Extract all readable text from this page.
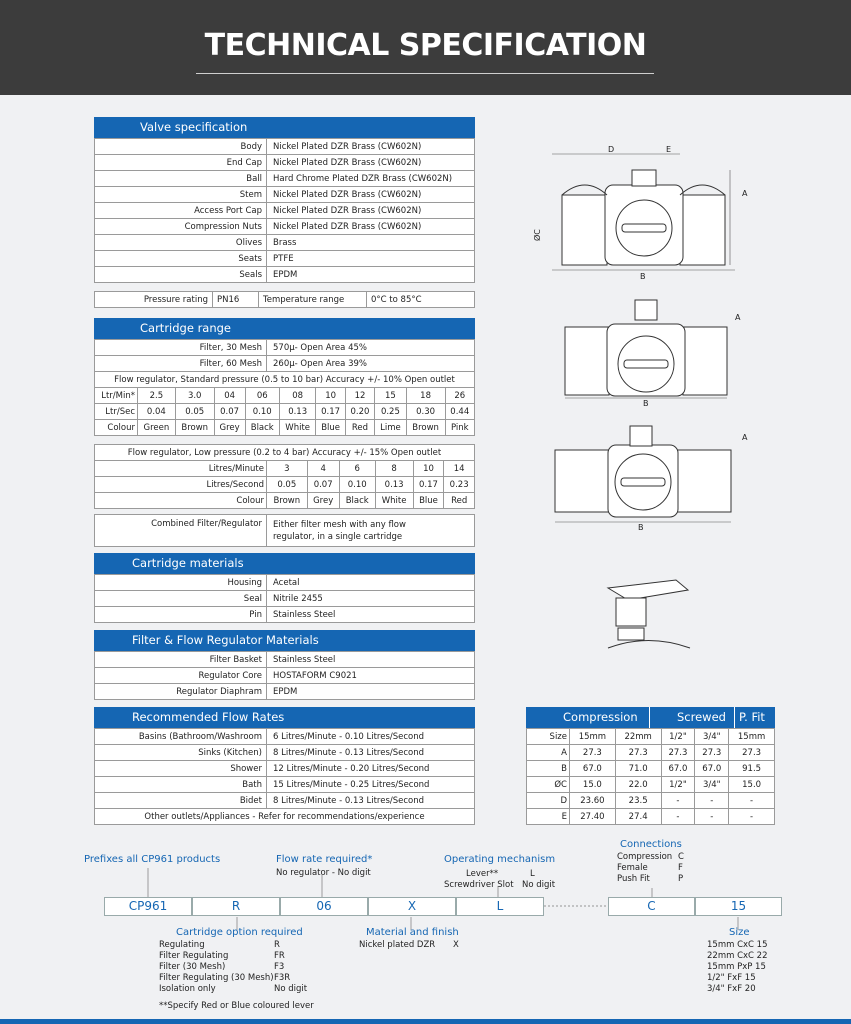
TECHNICAL SPECIFICATION
Valve specification
Body	Nickel Plated DZR Brass (CW602N)
End Cap	Nickel Plated DZR Brass (CW602N)
Ball	Hard Chrome Plated DZR Brass (CW602N)
Stem	Nickel Plated DZR Brass (CW602N)
Access Port Cap	Nickel Plated DZR Brass (CW602N)
Compression Nuts	Nickel Plated DZR Brass (CW602N)
Olives	Brass
Seats	PTFE
Seals	EPDM
Pressure rating	PN16	Temperature range	0°C to 85°C
Cartridge range
Filter, 30 Mesh	570μ- Open Area 45%
Filter, 60 Mesh	260μ- Open Area 39%
Flow regulator, Standard pressure (0.5 to 10 bar) Accuracy +/- 10% Open outlet
Ltr/Min*	2.5	3.0	04	06	08	10	12	15	18	26
Ltr/Sec	0.04	0.05	0.07	0.10	0.13	0.17	0.20	0.25	0.30	0.44
Colour	Green	Brown	Grey	Black	White	Blue	Red	Lime	Brown	Pink
Flow regulator, Low pressure (0.2 to 4 bar) Accuracy +/- 15% Open outlet
Litres/Minute	3	4	6	8	10	14
Litres/Second	0.05	0.07	0.10	0.13	0.17	0.23
Colour	Brown	Grey	Black	White	Blue	Red
Combined Filter/Regulator	Either filter mesh with any flow
regulator, in a single cartridge
Cartridge materials
Housing	Acetal
Seal	Nitrile 2455
Pin	Stainless Steel
Filter & Flow Regulator Materials
Filter Basket	Stainless Steel
Regulator Core	HOSTAFORM C9021
Regulator Diaphram	EPDM
Recommended Flow Rates
Basins (Bathroom/Washroom	6 Litres/Minute - 0.10 Litres/Second
Sinks (Kitchen)	8 Litres/Minute - 0.13 Litres/Second
Shower	12 Litres/Minute - 0.20 Litres/Second
Bath	15 Litres/Minute - 0.25 Litres/Second
Bidet	8 Litres/Minute - 0.13 Litres/Second
Other outlets/Appliances - Refer for recommendations/experience	
Compression	Screwed P. Fit
Size	15mm	22mm	1/2"	3/4"	15mm
A	27.3	27.3	27.3	27.3	27.3
B	67.0	71.0	67.0	67.0	91.5
ØC	15.0	22.0	1/2"	3/4"	15.0
D	23.60	23.5	-	-	-
E	27.40	27.4	-	-	-
D	E
A
B
ØC
B
A
B
A
Prefixes all CP961 products	Flow rate required*
No regulator - No digit
Operating mechanism
Lever**	L
Screwdriver Slot No digit
Connections
Compression C
Female	F
Push Fit	P
CP961	R	06	X	L	C	15
Cartridge option required
Regulating	R
Filter Regulating	FR
Filter (30 Mesh)	F3
Filter Regulating (30 Mesh) F3R
Isolation only	No digit
Material and finish
Nickel plated DZR X
Size
15mm CxC 15
22mm CxC 22
15mm PxP 15
1/2" FxF 15
3/4" FxF 20
**Specify Red or Blue coloured lever
